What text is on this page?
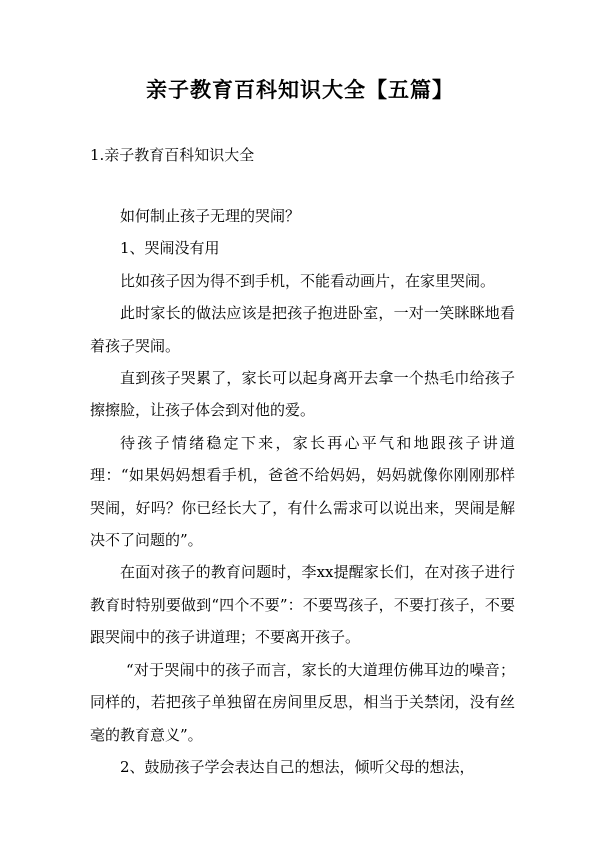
亲子教育百科知识大全【五篇】

1.亲子教育百科知识大全

如何制止孩子无理的哭闹？

1、哭闹没有用

比如孩子因为得不到手机，不能看动画片，在家里哭闹。

此时家长的做法应该是把孩子抱进卧室，一对一笑眯眯地看着孩子哭闹。

直到孩子哭累了，家长可以起身离开去拿一个热毛巾给孩子擦擦脸，让孩子体会到对他的爱。

待孩子情绪稳定下来，家长再心平气和地跟孩子讲道理：“如果妈妈想看手机，爸爸不给妈妈，妈妈就像你刚刚那样哭闹，好吗？你已经长大了，有什么需求可以说出来，哭闹是解决不了问题的”。

在面对孩子的教育问题时，李xx提醒家长们，在对孩子进行教育时特别要做到“四个不要”：不要骂孩子，不要打孩子，不要跟哭闹中的孩子讲道理；不要离开孩子。

“对于哭闹中的孩子而言，家长的大道理仿佛耳边的噪音；同样的，若把孩子单独留在房间里反思，相当于关禁闭，没有丝毫的教育意义”。

2、鼓励孩子学会表达自己的想法，倾听父母的想法，
